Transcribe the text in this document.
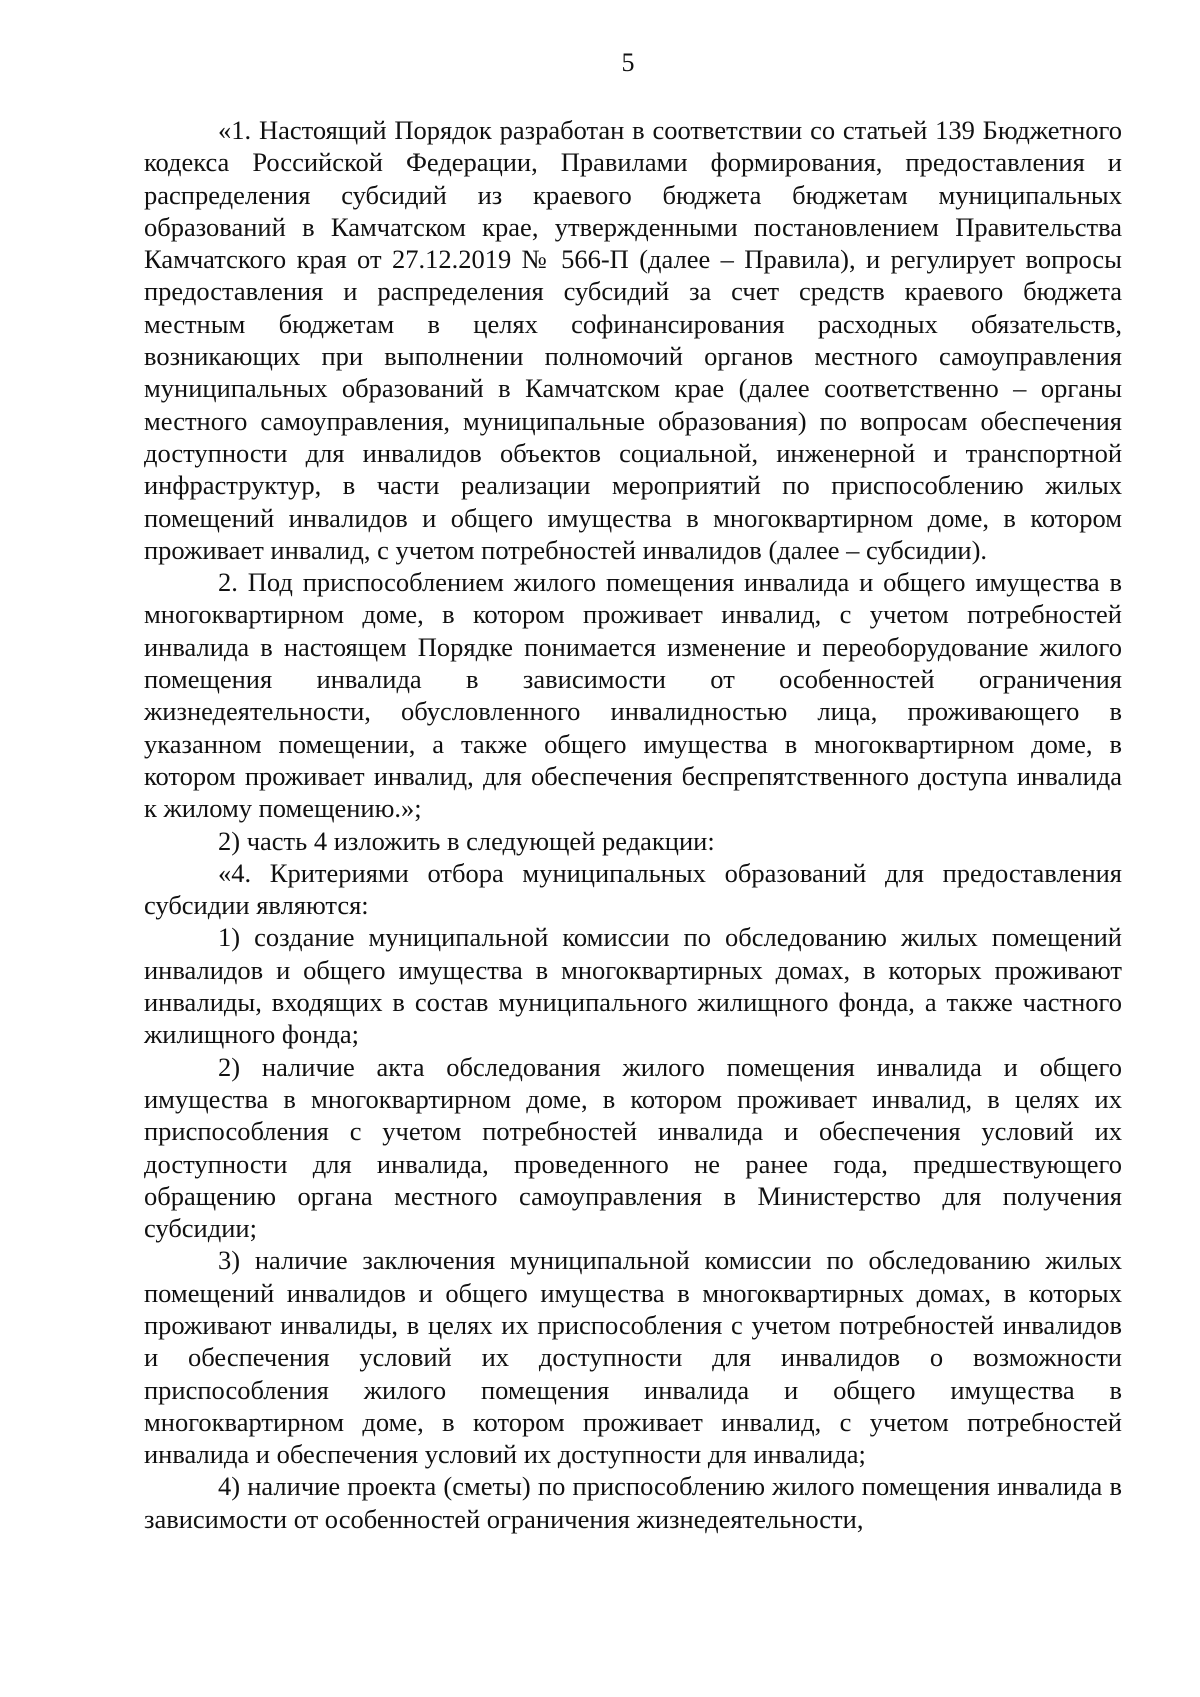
5

«1. Настоящий Порядок разработан в соответствии со статьей 139 Бюджетного кодекса Российской Федерации, Правилами формирования, предоставления и распределения субсидий из краевого бюджета бюджетам муниципальных образований в Камчатском крае, утвержденными постановлением Правительства Камчатского края от 27.12.2019 № 566-П (далее – Правила), и регулирует вопросы предоставления и распределения субсидий за счет средств краевого бюджета местным бюджетам в целях софинансирования расходных обязательств, возникающих при выполнении полномочий органов местного самоуправления муниципальных образований в Камчатском крае (далее соответственно – органы местного самоуправления, муниципальные образования) по вопросам обеспечения доступности для инвалидов объектов социальной, инженерной и транспортной инфраструктур, в части реализации мероприятий по приспособлению жилых помещений инвалидов и общего имущества в многоквартирном доме, в котором проживает инвалид, с учетом потребностей инвалидов (далее – субсидии).

2. Под приспособлением жилого помещения инвалида и общего имущества в многоквартирном доме, в котором проживает инвалид, с учетом потребностей инвалида в настоящем Порядке понимается изменение и переоборудование жилого помещения инвалида в зависимости от особенностей ограничения жизнедеятельности, обусловленного инвалидностью лица, проживающего в указанном помещении, а также общего имущества в многоквартирном доме, в котором проживает инвалид, для обеспечения беспрепятственного доступа инвалида к жилому помещению.»;

2) часть 4 изложить в следующей редакции:

«4. Критериями отбора муниципальных образований для предоставления субсидии являются:

1) создание муниципальной комиссии по обследованию жилых помещений инвалидов и общего имущества в многоквартирных домах, в которых проживают инвалиды, входящих в состав муниципального жилищного фонда, а также частного жилищного фонда;

2) наличие акта обследования жилого помещения инвалида и общего имущества в многоквартирном доме, в котором проживает инвалид, в целях их приспособления с учетом потребностей инвалида и обеспечения условий их доступности для инвалида, проведенного не ранее года, предшествующего обращению органа местного самоуправления в Министерство для получения субсидии;

3) наличие заключения муниципальной комиссии по обследованию жилых помещений инвалидов и общего имущества в многоквартирных домах, в которых проживают инвалиды, в целях их приспособления с учетом потребностей инвалидов и обеспечения условий их доступности для инвалидов о возможности приспособления жилого помещения инвалида и общего имущества в многоквартирном доме, в котором проживает инвалид, с учетом потребностей инвалида и обеспечения условий их доступности для инвалида;

4) наличие проекта (сметы) по приспособлению жилого помещения инвалида в зависимости от особенностей ограничения жизнедеятельности,
